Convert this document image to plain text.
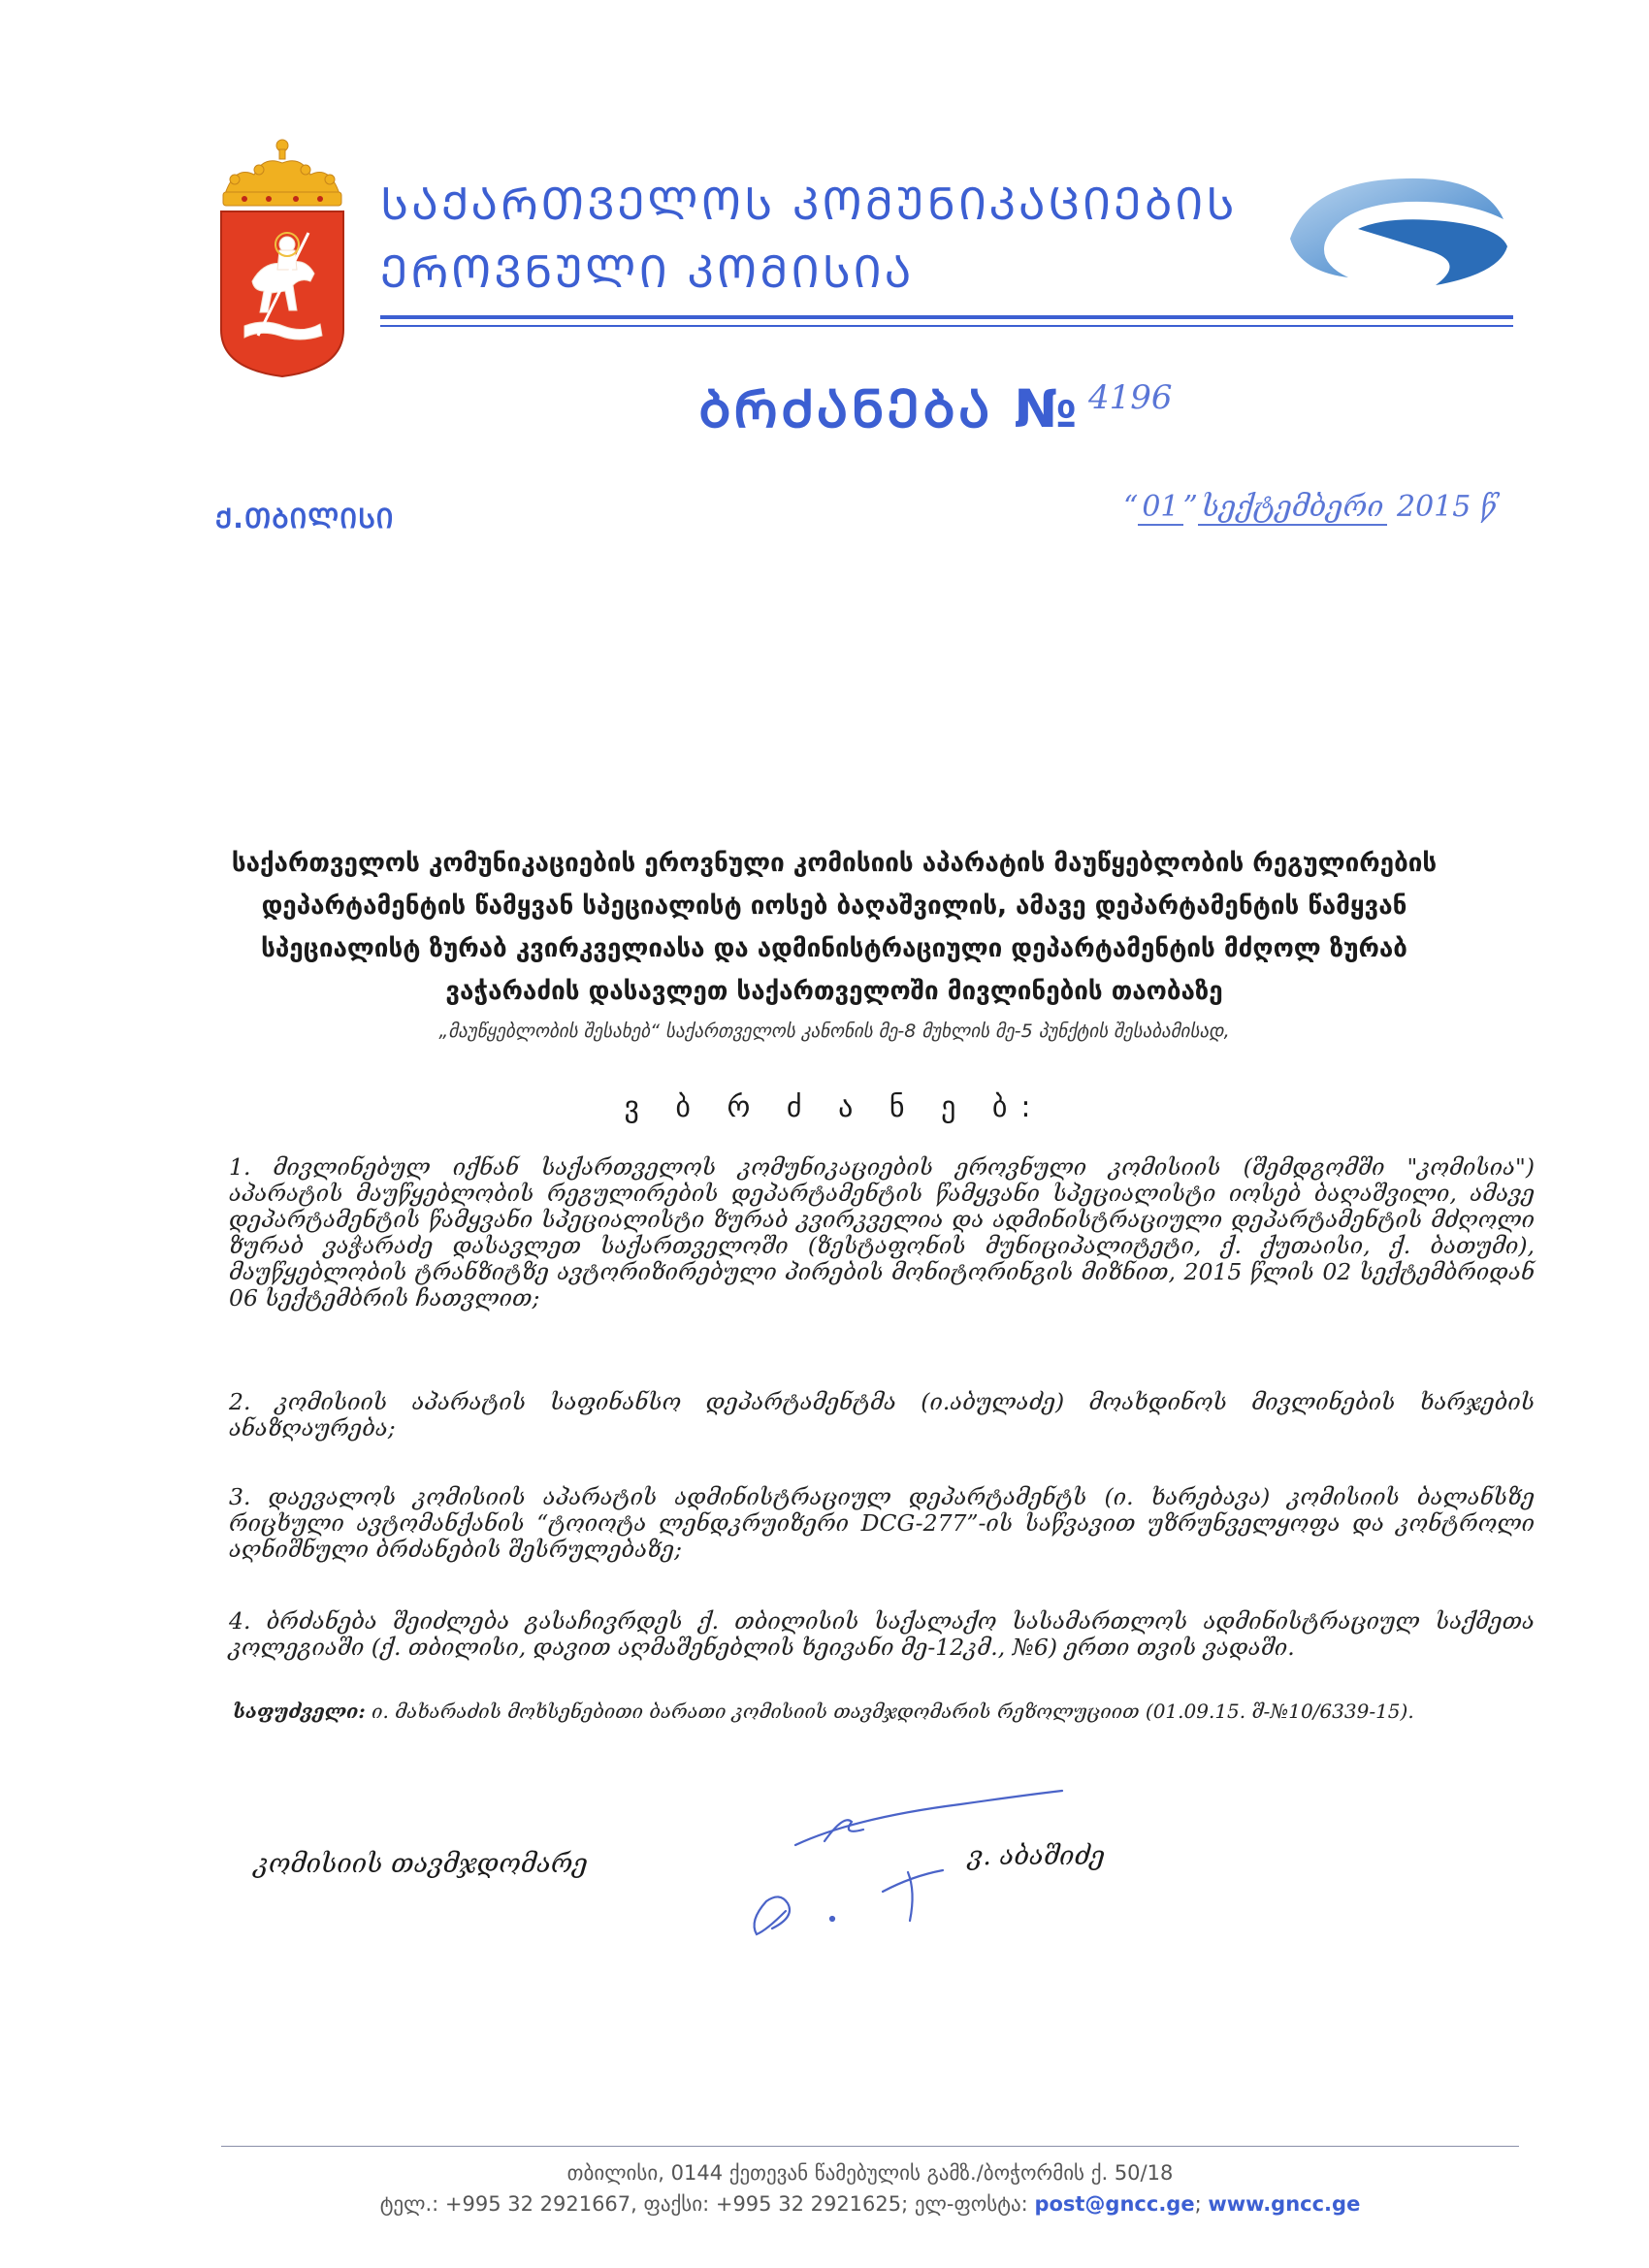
ᲡᲐᲥᲐᲠᲗᲕᲔᲚᲝᲡ ᲙᲝᲛᲣᲜᲘᲙᲐᲪᲘᲔᲑᲘᲡ
ᲔᲠᲝᲕᲜᲣᲚᲘ ᲙᲝᲛᲘᲡᲘᲐ
ᲑᲠᲫᲐᲜᲔᲑᲐ № 4196
Ქ.ᲗᲑᲘᲚᲘᲡᲘ	“ 01 ” სექტემბერი 2015 წ
საქართველოს კომუნიკაციების ეროვნული კომისიის აპარატის მაუწყებლობის რეგულირების
დეპარტამენტის წამყვან სპეციალისტ იოსებ ბაღაშვილის, ამავე დეპარტამენტის წამყვან
სპეციალისტ ზურაბ კვირკველიასა და ადმინისტრაციული დეპარტამენტის მძღოლ ზურაბ
ვაჭარაძის დასავლეთ საქართველოში მივლინების თაობაზე
„მაუწყებლობის შესახებ“ საქართველოს კანონის მე-8 მუხლის მე-5 პუნქტის შესაბამისად,
ვ ბ რ ძ ა ნ ე ბ:
1. მივლინებულ იქნან საქართველოს კომუნიკაციების ეროვნული კომისიის (შემდგომში "კომისია") აპარატის მაუწყებლობის რეგულირების დეპარტამენტის წამყვანი სპეციალისტი იოსებ ბაღაშვილი, ამავე დეპარტამენტის წამყვანი სპეციალისტი ზურაბ კვირკველია და ადმინისტრაციული დეპარტამენტის მძღოლი ზურაბ ვაჭარაძე დასავლეთ საქართველოში (ზესტაფონის მუნიციპალიტეტი, ქ. ქუთაისი, ქ. ბათუმი), მაუწყებლობის ტრანზიტზე ავტორიზირებული პირების მონიტორინგის მიზნით, 2015 წლის 02 სექტემბრიდან 06 სექტემბრის ჩათვლით;
2. კომისიის აპარატის საფინანსო დეპარტამენტმა (ი.აბულაძე) მოახდინოს მივლინების ხარჯების ანაზღაურება;
3. დაევალოს კომისიის აპარატის ადმინისტრაციულ დეპარტამენტს (ი. ხარებავა) კომისიის ბალანსზე რიცხული ავტომანქანის “ტოიოტა ლენდკრუიზერი DCG-277”-ის საწვავით უზრუნველყოფა და კონტროლი აღნიშნული ბრძანების შესრულებაზე;
4. ბრძანება შეიძლება გასაჩივრდეს ქ. თბილისის საქალაქო სასამართლოს ადმინისტრაციულ საქმეთა კოლეგიაში (ქ. თბილისი, დავით აღმაშენებლის ხეივანი მე-12კმ., №6) ერთი თვის ვადაში.
საფუძველი: ი. მახარაძის მოხსენებითი ბარათი კომისიის თავმჯდომარის რეზოლუციით (01.09.15. შ-№10/6339-15).
კომისიის თავმჯდომარე	ვ. აბაშიძე
თბილისი, 0144 ქეთევან წამებულის გამზ./ბოჭორმის ქ. 50/18
ტელ.: +995 32 2921667, ფაქსი: +995 32 2921625; ელ-ფოსტა: post@gncc.ge; www.gncc.ge
